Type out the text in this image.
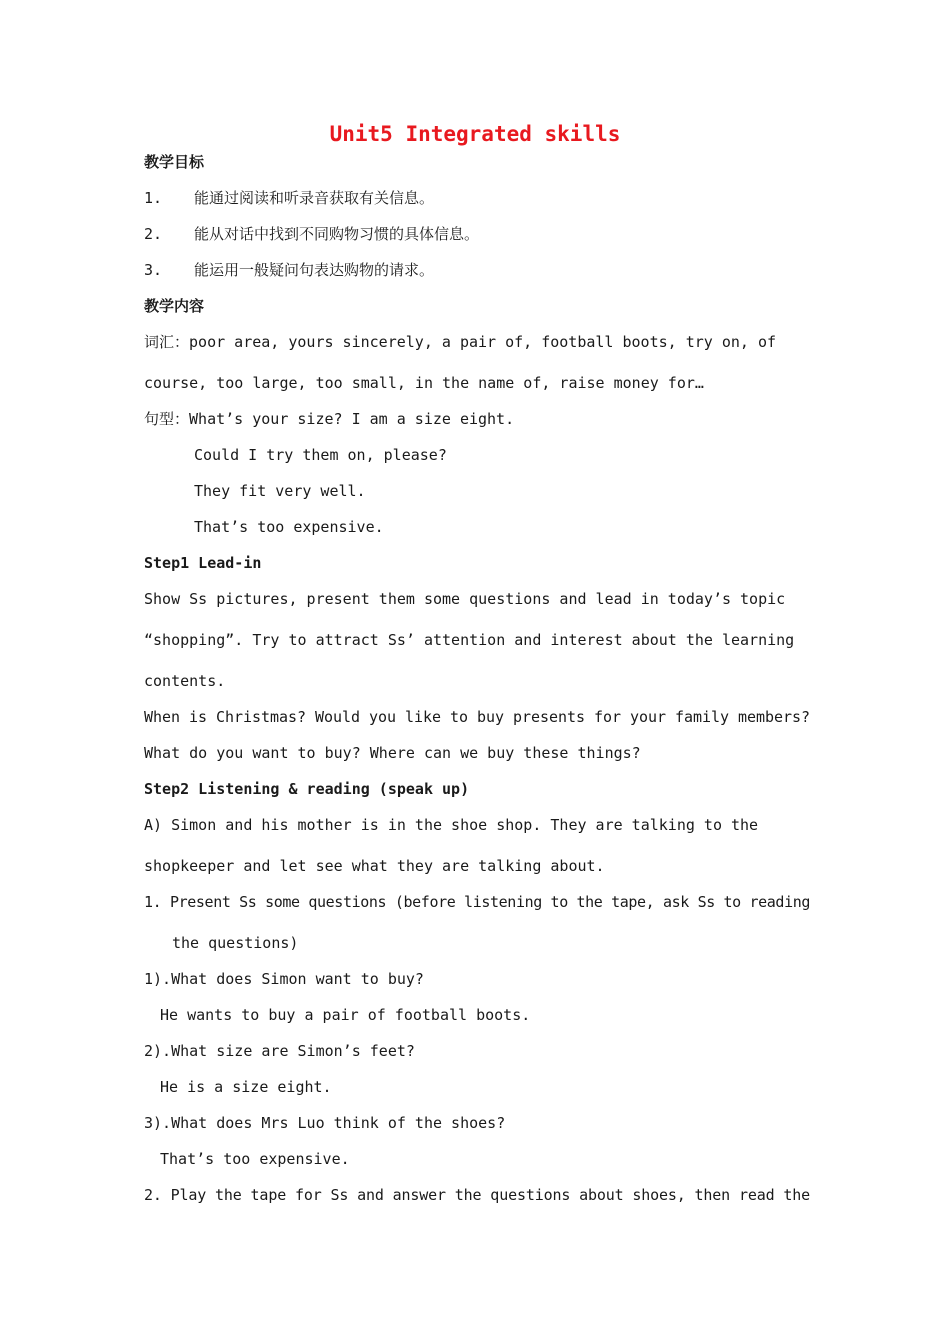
Unit5 Integrated skills
教学目标
1. 能通过阅读和听录音获取有关信息。
2. 能从对话中找到不同购物习惯的具体信息。
3. 能运用一般疑问句表达购物的请求。
教学内容
词汇：poor area, yours sincerely, a pair of, football boots, try on, of
course, too large, too small, in the name of, raise money for…
句型：What’s your size? I am a size eight.
Could I try them on, please?
They fit very well.
That’s too expensive.
Step1 Lead-in
Show Ss pictures, present them some questions and lead in today’s topic
“shopping”. Try to attract Ss’ attention and interest about the learning
contents.
When is Christmas? Would you like to buy presents for your family members?
What do you want to buy? Where can we buy these things?
Step2 Listening & reading (speak up)
A) Simon and his mother is in the shoe shop. They are talking to the
shopkeeper and let see what they are talking about.
1. Present Ss some questions (before listening to the tape, ask Ss to reading
the questions)
1).What does Simon want to buy?
He wants to buy a pair of football boots.
2).What size are Simon’s feet?
He is a size eight.
3).What does Mrs Luo think of the shoes?
That’s too expensive.
2. Play the tape for Ss and answer the questions about shoes, then read the
